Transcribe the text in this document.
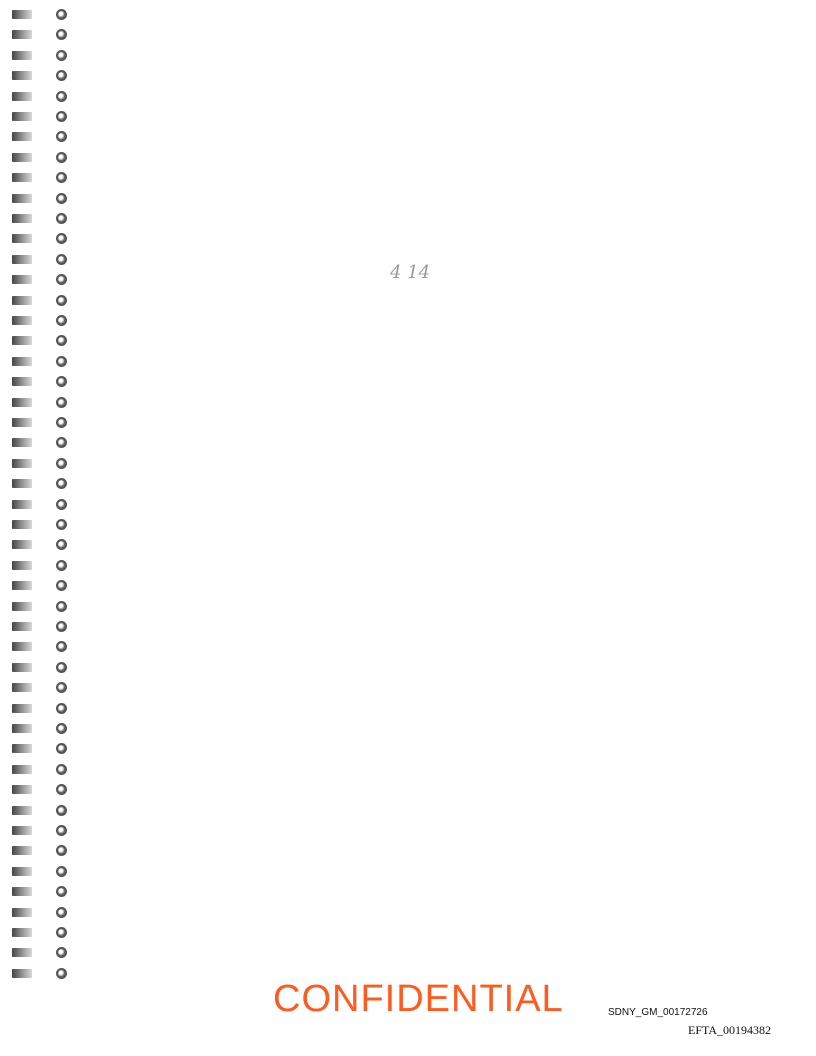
4 14
CONFIDENTIAL	SDNY_GM_00172726
EFTA_00194382
